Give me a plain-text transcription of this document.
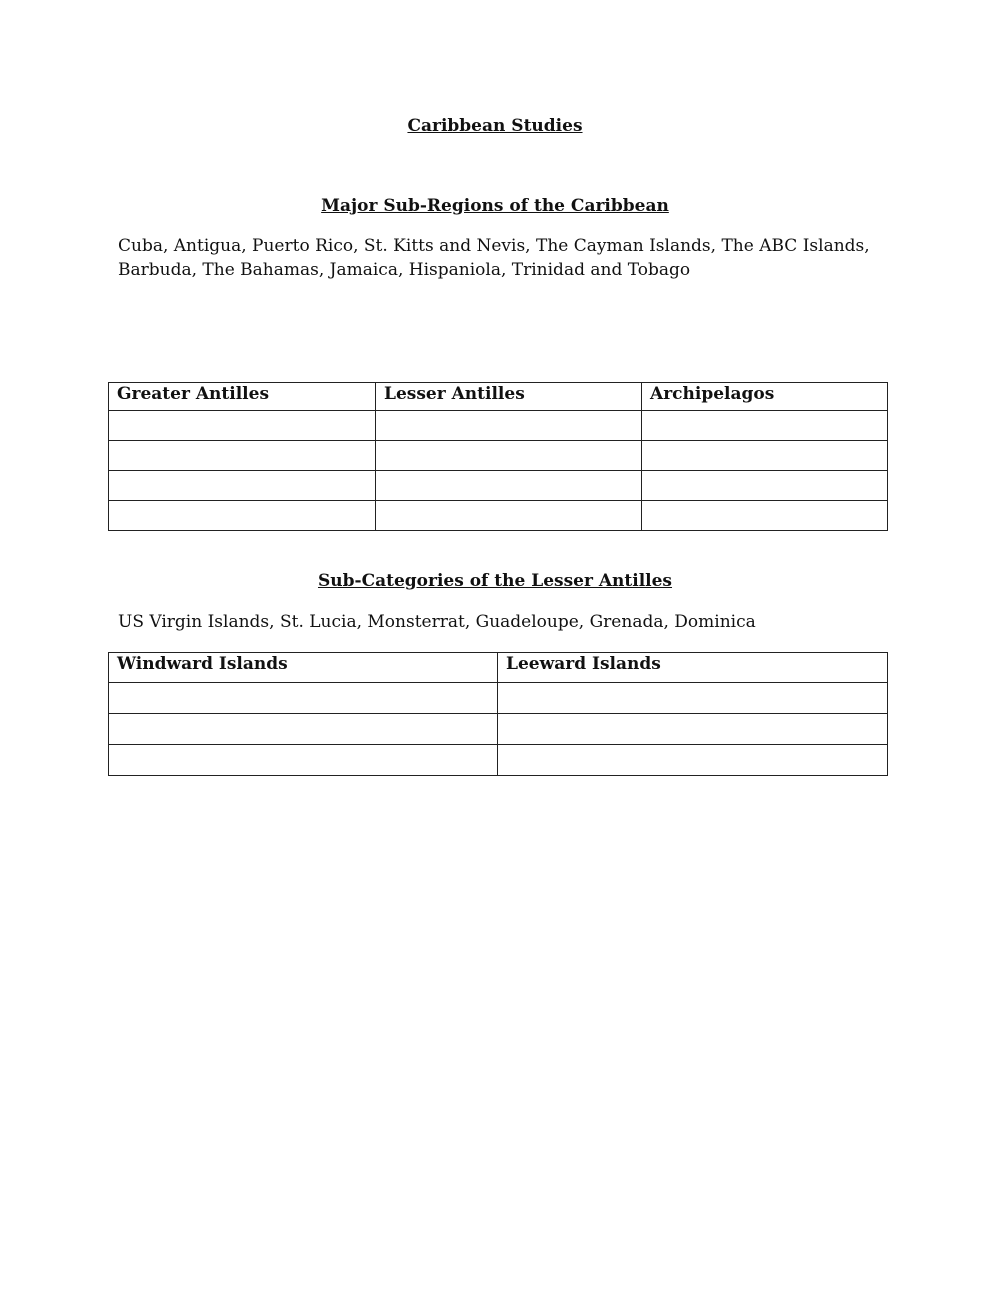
Caribbean Studies
Major Sub-Regions of the Caribbean

Cuba, Antigua, Puerto Rico, St. Kitts and Nevis, The Cayman Islands, The ABC Islands,
Barbuda, The Bahamas, Jamaica, Hispaniola, Trinidad and Tobago

Greater Antilles	Lesser Antilles	Archipelagos

Sub-Categories of the Lesser Antilles

US Virgin Islands, St. Lucia, Monsterrat, Guadeloupe, Grenada, Dominica

Windward Islands	Leeward Islands
